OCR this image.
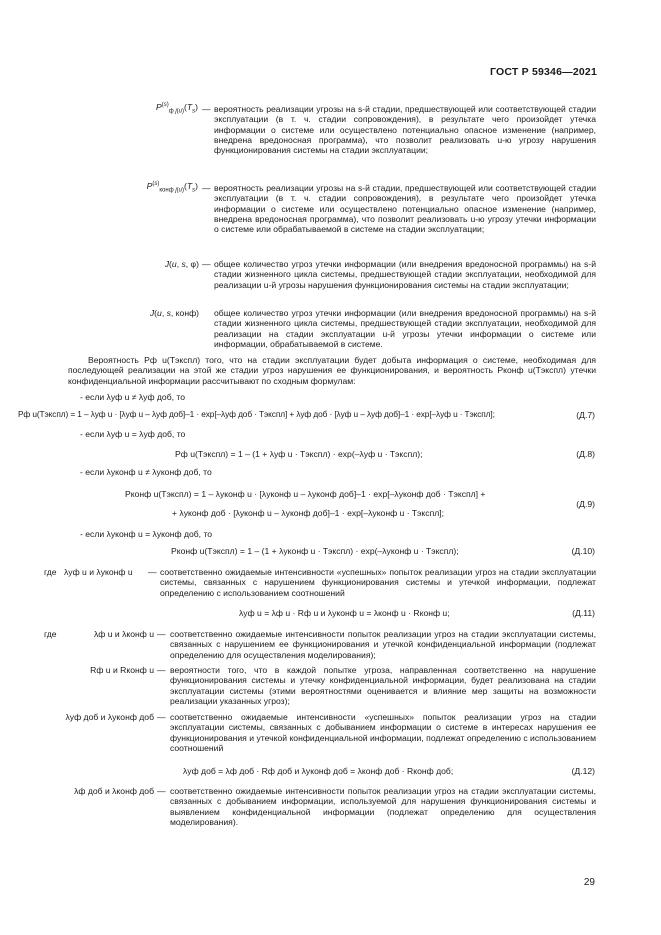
ГОСТ Р 59346—2021
$P^{(s)}_{ф j(u)}(T_s)$ — вероятность реализации угрозы на s-й стадии, предшествующей или соответствующей стадии эксплуатации (в т. ч. стадии сопровождения), в результате чего произойдет утечка информации о системе или осуществлено потенциально опасное изменение (например, внедрена вредоносная программа), что позволит реализовать u-ю угрозу нарушения функционирования системы на стадии эксплуатации;
$P^{(s)}_{конф j(u)}(T_s)$ — вероятность реализации угрозы на s-й стадии, предшествующей или соответствующей стадии эксплуатации (в т. ч. стадии сопровождения), в результате чего произойдет утечка информации о системе или осуществлено потенциально опасное изменение (например, внедрена вредоносная программа), что позволит реализовать u-ю угрозу утечки информации о системе или обрабатываемой в системе на стадии эксплуатации;
J(u, s, φ) — общее количество угроз утечки информации (или внедрения вредоносной программы) на s-й стадии жизненного цикла системы, предшествующей стадии эксплуатации, необходимой для реализации u-й угрозы нарушения функционирования системы на стадии эксплуатации;
J(u, s, конф) общее количество угроз утечки информации (или внедрения вредоносной программы) на s-й стадии жизненного цикла системы, предшествующей стадии эксплуатации, необходимой для реализации на стадии эксплуатации u-й угрозы утечки информации о системе или информации, обрабатываемой в системе.
Вероятность Pф u(Tэкспл) того, что на стадии эксплуатации будет добыта информация о системе, необходимая для последующей реализации на этой же стадии угроз нарушения ее функционирования, и вероятность Pконф u(Tэкспл) утечки конфиденциальной информации рассчитывают по сходным формулам:
- если λyф u ≠ λyф доб, то
Pф u(Tэкспл) = 1 – λyф u · [λyф u – λyф доб]–1 · exp[–λyф доб · Tэкспл] + λyф доб · [λyф u – λyф доб]–1 · exp[–λyф u · Tэкспл];	(Д.7)
- если λyф u = λyф доб, то
Pф u(Tэкспл) = 1 – (1 + λyф u · Tэкспл) · exp(–λyф u · Tэкспл);	(Д.8)
- если λyконф u ≠ λyконф доб, то
Pконф u(Tэкспл) = 1 – λyконф u · [λyконф u – λyконф доб]–1 · exp[–λyконф доб · Tэкспл] +
+ λyконф доб · [λyконф u – λyконф доб]–1 · exp[–λyконф u · Tэкспл];
(Д.9)
- если λyконф u = λyконф доб, то
Pконф u(Tэкспл) = 1 – (1 + λyконф u · Tэкспл) · exp(–λyконф u · Tэкспл);	(Д.10)
где λyф u и λyконф u — соответственно ожидаемые интенсивности «успешных» попыток реализации угроз на стадии эксплуатации системы, связанных с нарушением функционирования системы и утечкой информации, подлежат определению с использованием соотношений
λyф u = λф u · Rф u и λyконф u = λконф u · Rконф u;	(Д.11)
где	λф u и λконф u — соответственно ожидаемые интенсивности попыток реализации угроз на стадии эксплуатации системы, связанных с нарушением ее функционирования и утечкой конфиденциальной информации (подлежат определению для осуществления моделирования);
Rф u и Rконф u — вероятности того, что в каждой попытке угроза, направленная соответственно на нарушение функционирования системы и утечку конфиденциальной информации, будет реализована на стадии эксплуатации системы (этими вероятностями оценивается и влияние мер защиты на возможности реализации указанных угроз);
λyф доб и λyконф доб — соответственно ожидаемые интенсивности «успешных» попыток реализации угроз на стадии эксплуатации системы, связанных с добыванием информации о системе в интересах нарушения ее функционирования и утечкой конфиденциальной информации, подлежат определению с использованием соотношений
λyф доб = λф доб · Rф доб и λyконф доб = λконф доб · Rконф доб;	(Д.12)
λф доб и λконф доб — соответственно ожидаемые интенсивности попыток реализации угроз на стадии эксплуатации системы, связанных с добыванием информации, используемой для нарушения функционирования системы и выявлением конфиденциальной информации (подлежат определению для осуществления моделирования).
29
